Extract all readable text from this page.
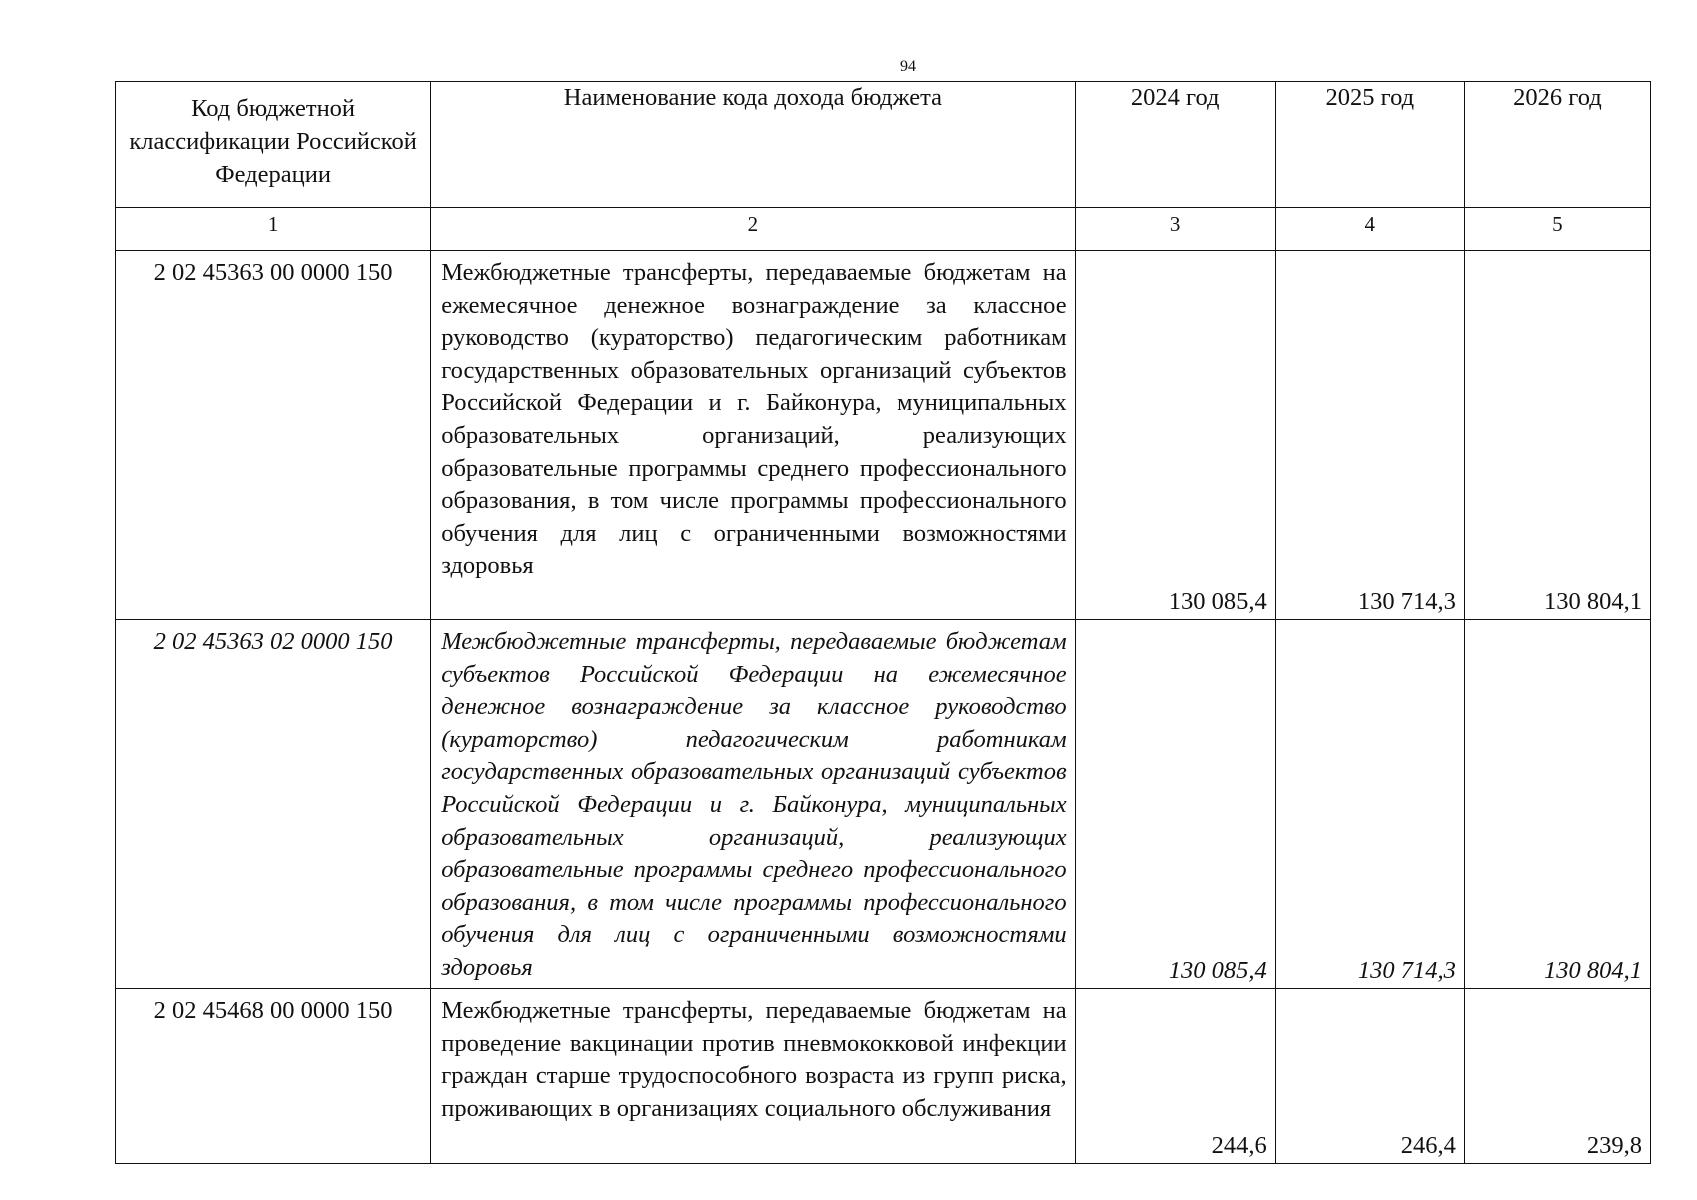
94
Код бюджетной классификации Российской Федерации	Наименование кода дохода бюджета	2024 год	2025 год	2026 год
1	2	3	4	5
2 02 45363 00 0000 150	Межбюджетные трансферты, передаваемые бюджетам на ежемесячное денежное вознаграждение за классное руководство (кураторство) педагогическим работникам государственных образовательных организаций субъектов Российской Федерации и г. Байконура, муниципальных образовательных организаций, реализующих образовательные программы среднего профессионального образования, в том числе программы профессионального обучения для лиц с ограниченными возможностями здоровья	130 085,4	130 714,3	130 804,1
2 02 45363 02 0000 150	Межбюджетные трансферты, передаваемые бюджетам субъектов Российской Федерации на ежемесячное денежное вознаграждение за классное руководство (кураторство) педагогическим работникам государственных образовательных организаций субъектов Российской Федерации и г. Байконура, муниципальных образовательных организаций, реализующих образовательные программы среднего профессионального образования, в том числе программы профессионального обучения для лиц с ограниченными возможностями здоровья	130 085,4	130 714,3	130 804,1
2 02 45468 00 0000 150	Межбюджетные трансферты, передаваемые бюджетам на проведение вакцинации против пневмококковой инфекции граждан старше трудоспособного возраста из групп риска, проживающих в организациях социального обслуживания	244,6	246,4	239,8
